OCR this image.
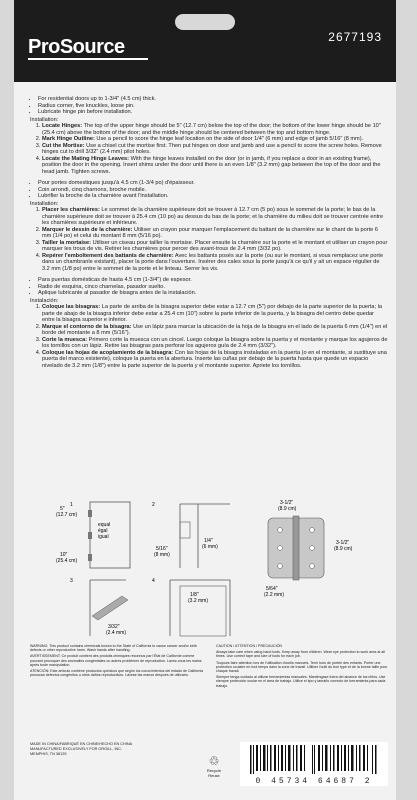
ProSource	2677193
• For residential doors up to 1-3/4" (4.5 cm) thick.
• Radius corner, five knuckles, loose pin.
• Lubricate hinge pin before installation.
Installation:
1. Locate Hinges: The top of the upper hinge should be 5" (12.7 cm) below the top of the door; the bottom of the lower hinge should be 10" (25.4 cm) above the bottom of the door; and the middle hinge should be centered between the top and bottom hinge.
2. Mark Hinge Outline: Use a pencil to score the hinge leaf location on the side of door 1/4" (6 mm) and edge of jamb 5/16" (8 mm).
3. Cut the Mortise: Use a chisel cut the mortise first. Then put hinges on door and jamb and use a pencil to score the screw holes. Remove hinges cut to drill 3/32" (2.4 mm) pilot holes.
4. Locate the Mating Hinge Leaves: With the hinge leaves installed on the door (or in jamb, if you replace a door in an existing frame), position the door in the opening. Insert shims under the door until there is an even 1/8" (3.2 mm) gap between the top of the door and the head jamb. Tighten screws.
• Pour portes domestiques jusqu'à 4.5 cm (1-3/4 po) d'épaisseur.
• Coin arrondi, cinq charnons, broche mobile.
• Lubrifier la broche de la charnière avant l'installation.
Installation:
1. Placer les charnières: Le sommet de la charnière supérieure doit se trouver à 12.7 cm (5 po) sous le sommet de la porte; le bas de la charnière supérieure doit se trouver à 25.4 cm (10 po) au dessus du bas de la porte; et la charnière du milieu doit se trouver centrée entre les charnières supérieure et inférieure.
2. Marquer le dessin de la charnière: Utiliser un crayon pour marquer l'emplacement du battant de la charnière sur le chant de la porte 6 mm (1/4 po) et celui du montant 8 mm (5/16 po).
3. Tailler la mortaise: Utiliser un ciseau pour tailler la mortaise. Placer ensuite la charnière sur la porte et le montant et utiliser un crayon pour marquer les trous de vis. Retirer les charnières pour percer des avant-trous de 2.4 mm (3/32 po).
4. Repérer l'emboîtement des battants de charnière: Avec les battants posés sur la porte (ou sur le montant, si vous remplacez une porte dans un chambranle existant), placer la porte dans l'ouverture. Insérer des cales sous la porte jusqu'à ce qu'il y ait un espace régulier de 3.2 mm (1/8 po) entre le sommet de la porte et le linteau. Serrer les vis.
• Para puertas domésticas de hasta 4.5 cm (1-3/4") de espesor.
• Radio de esquina, cinco charnelas, pasador suelto.
• Aplique lubricante al pasador de bisagra antes de la instalación.
Instalación:
1. Coloque las bisagras: La parte de arriba de la bisagra superior debe estar a 12.7 cm (5") por debajo de la parte superior de la puerta; la parte de abajo de la bisagra inferior debe estar a 25.4 cm (10") sobre la parte inferior de la puerta, y la bisagra del centro debe quedar entre la bisagra superior e inferior.
2. Marque el contorno de la bisagra: Use un lápiz para marcar la ubicación de la hoja de la bisagra en el lado de la puerta 6 mm (1/4") en el borde del montante a 8 mm (5/16").
3. Corte la muesca: Primero corte la muesca con un cincel. Luego coloque la bisagra sobre la puerta y el montante y marque los agujeros de los tornillos con un lápiz. Retire las bisagras para perforar los agujeros guía de 2.4 mm (3/32").
4. Coloque las hojas de acoplamiento de la bisagra: Con las hojas de la bisagra instaladas en la puerta (o en el montante, si sustituye una puerta del marco existente), coloque la puerta en la abertura. Inserte las cuñas por debajo de la puerta hasta que quede un espacio nivelado de 3.2 mm (1/8") entre la parte superior de la puerta y el montante superior. Apriete los tornillos.
1
5"
(12.7 cm)
equal
égal
igual
10"
(25.4 cm)
2
5/16"
(8 mm)
1/4"
(6 mm)
3
3/32"
(2.4 mm)
4
1/8"
(3.2 mm)
3-1/2"
(8.9 cm)
3-1/2"
(8.9 cm)
5/64"
(2.2 mm)

WARNING: This product contains chemicals known to the State of California to cause cancer and/or birth defects or other reproductive harm. Wash hands after handling.

AVERTISSEMENT: Ce produit contient des produits chimiques reconnus par l'État de Californie comme pouvant provoquer des anomalies congénitales ou autres problèmes de reproduction. Lavez-vous les mains après toute manipulation.

ATENCIÓN: Este artículo contiene productos químicos que según los conocimientos del estado de California provocan defectos congénitos u otros daños reproductivos. Lávese las manos después de utilizarlo.

CAUTION / ATTENTION / PRECAUCIÓN

Always take care when using hand tools. Keep away from children. Wear eye protection to work area at all times. Use correct tape and size of tools for each job.

Toujours faire attention lors de l'utilisation d'outils manuels. Tenir hors de portée des enfants. Porter une protection oculaire en tout temps dans la zone de travail. Utiliser l'outil du bon type et de la bonne taille pour chaque travail.

Siempre tenga cuidado al utilizar herramientas manuales. Manténgase fuera del alcance de los niños. Use siempre protección ocular en el área de trabajo. Utilice el tipo y tamaño correcto de herramienta para cada trabajo.

MADE IN CHINA/FABRIQUÉ EN CHINE/HECHO EN CHINA
MANUFACTURED EXCLUSIVELY FOR ORGILL, INC.
MEMPHIS, TN 38125	♲
Recycle
Reuse
0 45734 64687 2
